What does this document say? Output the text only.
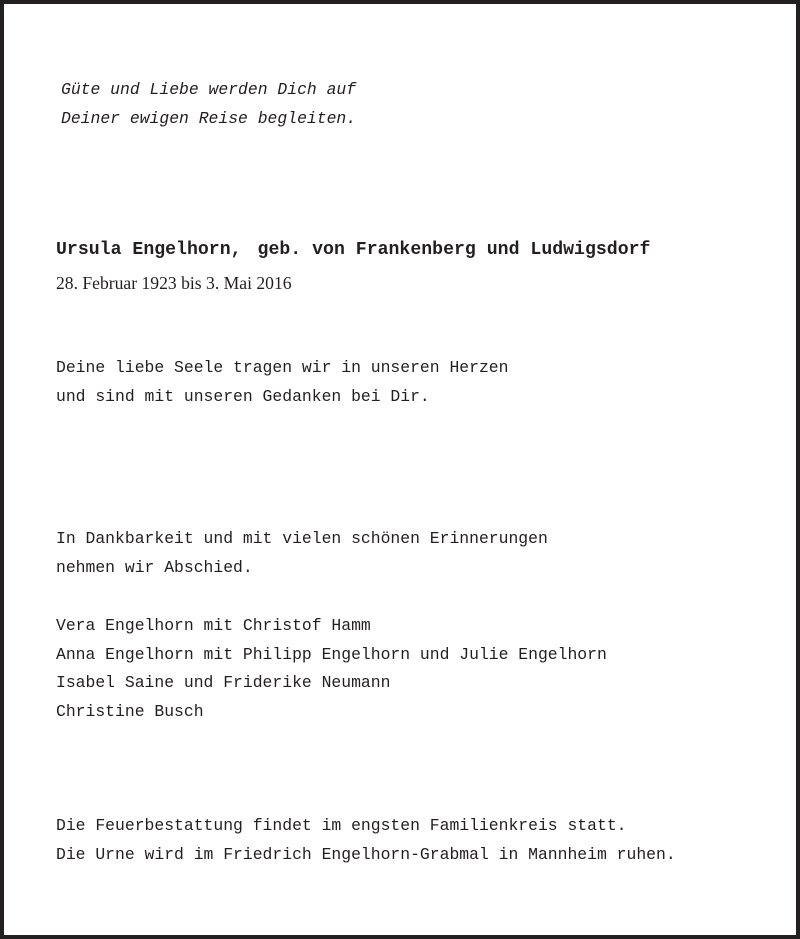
Güte und Liebe werden Dich auf
Deiner ewigen Reise begleiten.
Ursula Engelhorn, geb. von Frankenberg und Ludwigsdorf
28. Februar 1923 bis 3. Mai 2016
Deine liebe Seele tragen wir in unseren Herzen
und sind mit unseren Gedanken bei Dir.
In Dankbarkeit und mit vielen schönen Erinnerungen
nehmen wir Abschied.
Vera Engelhorn mit Christof Hamm
Anna Engelhorn mit Philipp Engelhorn und Julie Engelhorn
Isabel Saine und Friderike Neumann
Christine Busch
Die Feuerbestattung findet im engsten Familienkreis statt.
Die Urne wird im Friedrich Engelhorn-Grabmal in Mannheim ruhen.
